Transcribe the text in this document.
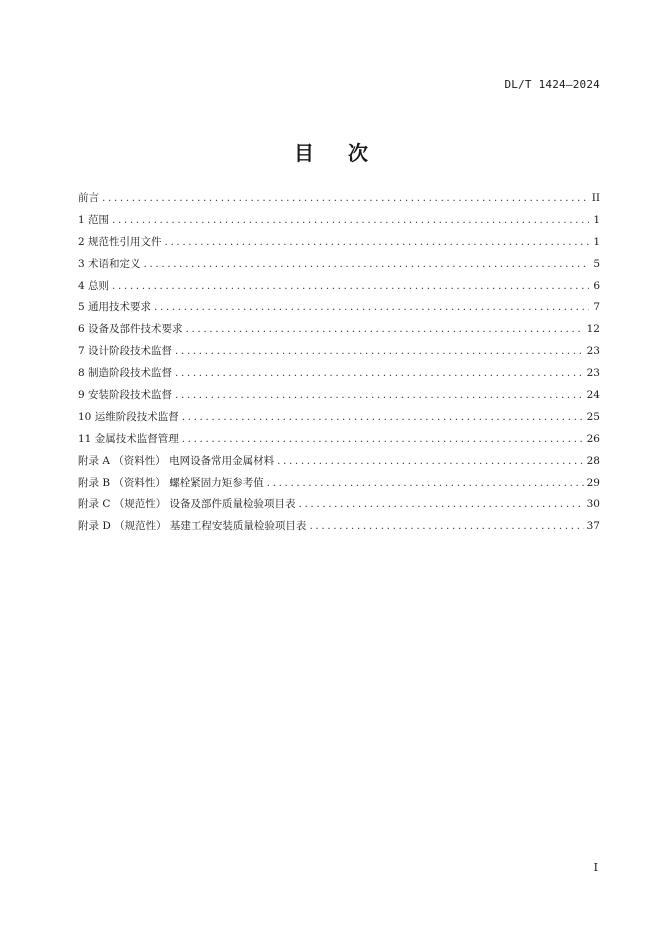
DL/T 1424—2024
目次
前言 .....	II
1 范围 .....	1
2 规范性引用文件 .....	1
3 术语和定义 .....	5
4 总则 .....	6
5 通用技术要求 .....	7
6 设备及部件技术要求 .....	12
7 设计阶段技术监督 .....	23
8 制造阶段技术监督 .....	23
9 安装阶段技术监督 .....	24
10 运维阶段技术监督 .....	25
11 金属技术监督管理 .....	26
附录 A （资料性） 电网设备常用金属材料 .....	28
附录 B （资料性） 螺栓紧固力矩参考值 .....	29
附录 C （规范性） 设备及部件质量检验项目表 .....	30
附录 D （规范性） 基建工程安装质量检验项目表 .....	37
I
